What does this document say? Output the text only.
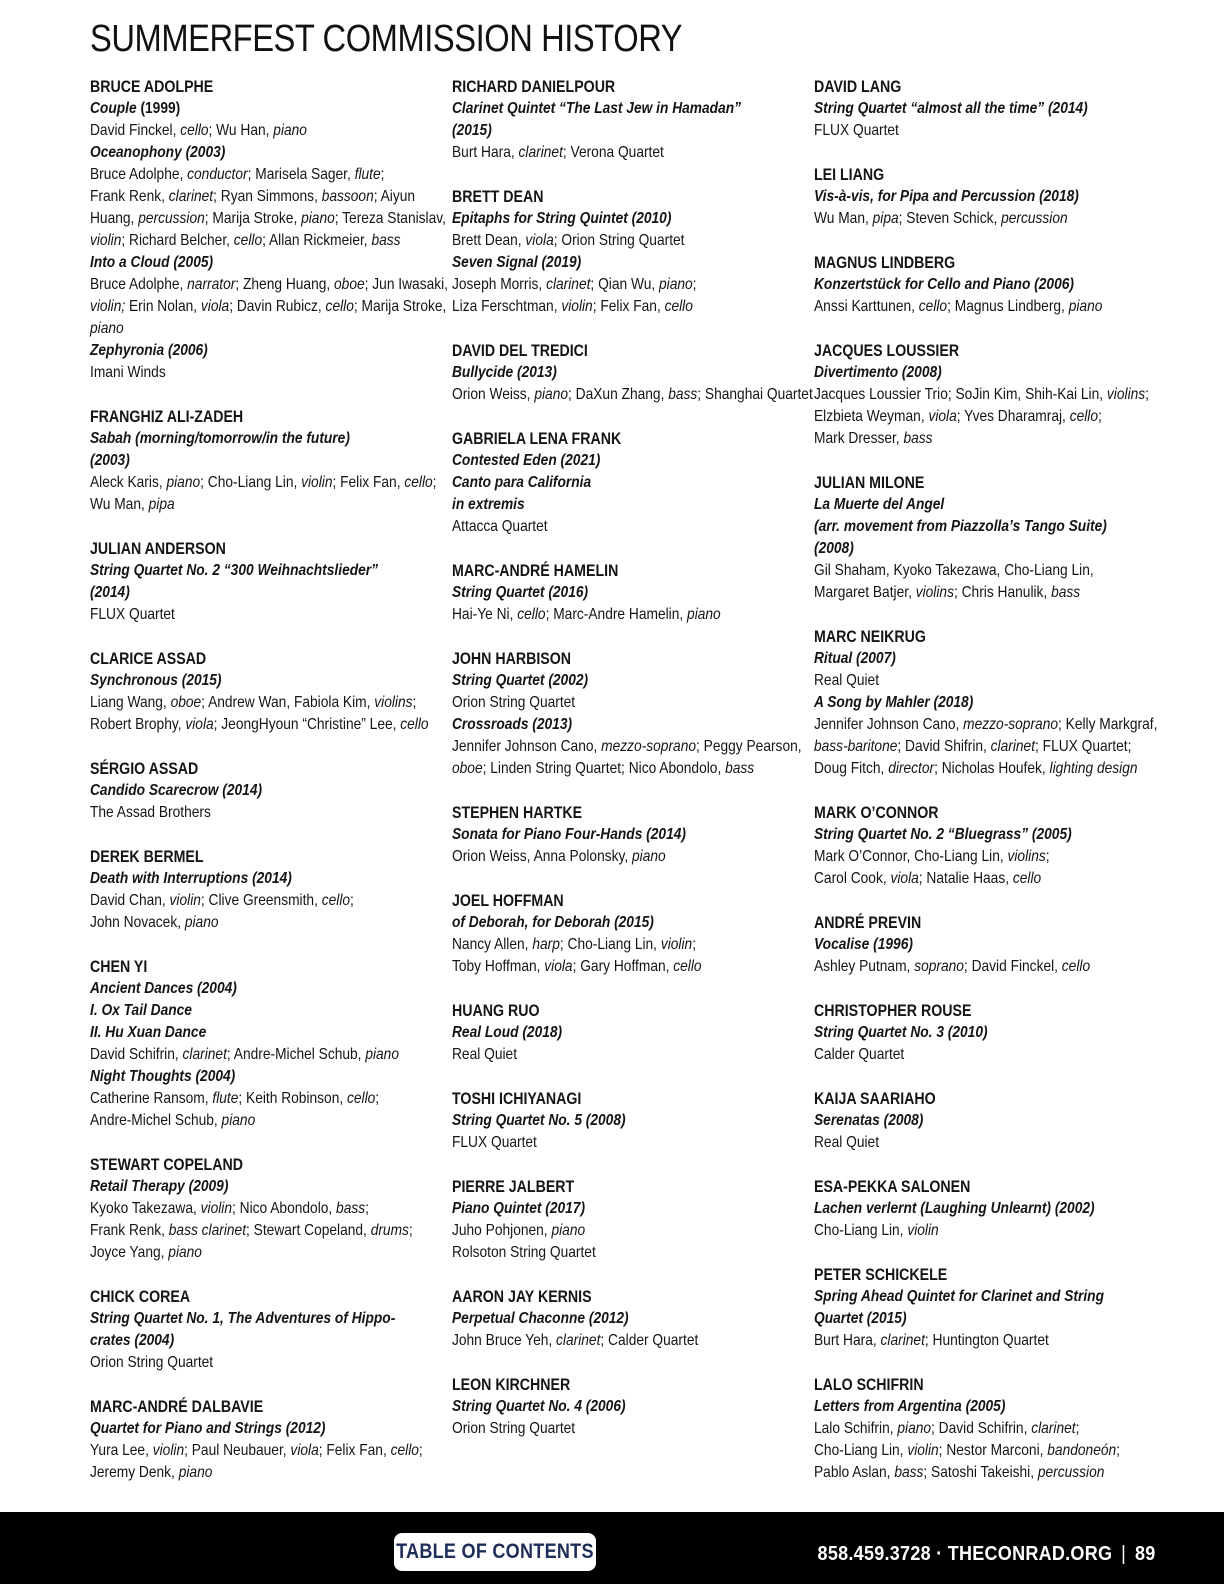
SUMMERFEST COMMISSION HISTORY
BRUCE ADOLPHE
Couple (1999)
David Finckel, cello; Wu Han, piano
Oceanophony (2003)
Bruce Adolphe, conductor; Marisela Sager, flute;
Frank Renk, clarinet; Ryan Simmons, bassoon; Aiyun
Huang, percussion; Marija Stroke, piano; Tereza Stanislav,
violin; Richard Belcher, cello; Allan Rickmeier, bass
Into a Cloud (2005)
Bruce Adolphe, narrator; Zheng Huang, oboe; Jun Iwasaki,
violin; Erin Nolan, viola; Davin Rubicz, cello; Marija Stroke,
piano
Zephyronia (2006)
Imani Winds
FRANGHIZ ALI-ZADEH
Sabah (morning/tomorrow/in the future)
(2003)
Aleck Karis, piano; Cho-Liang Lin, violin; Felix Fan, cello;
Wu Man, pipa
JULIAN ANDERSON
String Quartet No. 2 “300 Weihnachtslieder”
(2014)
FLUX Quartet
CLARICE ASSAD
Synchronous (2015)
Liang Wang, oboe; Andrew Wan, Fabiola Kim, violins;
Robert Brophy, viola; JeongHyoun “Christine” Lee, cello
SÉRGIO ASSAD
Candido Scarecrow (2014)
The Assad Brothers
DEREK BERMEL
Death with Interruptions (2014)
David Chan, violin; Clive Greensmith, cello;
John Novacek, piano
CHEN YI
Ancient Dances (2004)
I. Ox Tail Dance
II. Hu Xuan Dance
David Schifrin, clarinet; Andre-Michel Schub, piano
Night Thoughts (2004)
Catherine Ransom, flute; Keith Robinson, cello;
Andre-Michel Schub, piano
STEWART COPELAND
Retail Therapy (2009)
Kyoko Takezawa, violin; Nico Abondolo, bass;
Frank Renk, bass clarinet; Stewart Copeland, drums;
Joyce Yang, piano
CHICK COREA
String Quartet No. 1, The Adventures of Hippo-
crates (2004)
Orion String Quartet
MARC-ANDRÉ DALBAVIE
Quartet for Piano and Strings (2012)
Yura Lee, violin; Paul Neubauer, viola; Felix Fan, cello;
Jeremy Denk, piano
RICHARD DANIELPOUR
Clarinet Quintet “The Last Jew in Hamadan”
(2015)
Burt Hara, clarinet; Verona Quartet
BRETT DEAN
Epitaphs for String Quintet (2010)
Brett Dean, viola; Orion String Quartet
Seven Signal (2019)
Joseph Morris, clarinet; Qian Wu, piano;
Liza Ferschtman, violin; Felix Fan, cello
DAVID DEL TREDICI
Bullycide (2013)
Orion Weiss, piano; DaXun Zhang, bass; Shanghai Quartet
GABRIELA LENA FRANK
Contested Eden (2021)
Canto para California
in extremis
Attacca Quartet
MARC-ANDRÉ HAMELIN
String Quartet (2016)
Hai-Ye Ni, cello; Marc-Andre Hamelin, piano
JOHN HARBISON
String Quartet (2002)
Orion String Quartet
Crossroads (2013)
Jennifer Johnson Cano, mezzo-soprano; Peggy Pearson,
oboe; Linden String Quartet; Nico Abondolo, bass
STEPHEN HARTKE
Sonata for Piano Four-Hands (2014)
Orion Weiss, Anna Polonsky, piano
JOEL HOFFMAN
of Deborah, for Deborah (2015)
Nancy Allen, harp; Cho-Liang Lin, violin;
Toby Hoffman, viola; Gary Hoffman, cello
HUANG RUO
Real Loud (2018)
Real Quiet
TOSHI ICHIYANAGI
String Quartet No. 5 (2008)
FLUX Quartet
PIERRE JALBERT
Piano Quintet (2017)
Juho Pohjonen, piano
Rolsoton String Quartet
AARON JAY KERNIS
Perpetual Chaconne (2012)
John Bruce Yeh, clarinet; Calder Quartet
LEON KIRCHNER
String Quartet No. 4 (2006)
Orion String Quartet
DAVID LANG
String Quartet “almost all the time” (2014)
FLUX Quartet
LEI LIANG
Vis-à-vis, for Pipa and Percussion (2018)
Wu Man, pipa; Steven Schick, percussion
MAGNUS LINDBERG
Konzertstück for Cello and Piano (2006)
Anssi Karttunen, cello; Magnus Lindberg, piano
JACQUES LOUSSIER
Divertimento (2008)
Jacques Loussier Trio; SoJin Kim, Shih-Kai Lin, violins;
Elzbieta Weyman, viola; Yves Dharamraj, cello;
Mark Dresser, bass
JULIAN MILONE
La Muerte del Angel
(arr. movement from Piazzolla’s Tango Suite)
(2008)
Gil Shaham, Kyoko Takezawa, Cho-Liang Lin,
Margaret Batjer, violins; Chris Hanulik, bass
MARC NEIKRUG
Ritual (2007)
Real Quiet
A Song by Mahler (2018)
Jennifer Johnson Cano, mezzo-soprano; Kelly Markgraf,
bass-baritone; David Shifrin, clarinet; FLUX Quartet;
Doug Fitch, director; Nicholas Houfek, lighting design
MARK O’CONNOR
String Quartet No. 2 “Bluegrass” (2005)
Mark O’Connor, Cho-Liang Lin, violins;
Carol Cook, viola; Natalie Haas, cello
ANDRÉ PREVIN
Vocalise (1996)
Ashley Putnam, soprano; David Finckel, cello
CHRISTOPHER ROUSE
String Quartet No. 3 (2010)
Calder Quartet
KAIJA SAARIAHO
Serenatas (2008)
Real Quiet
ESA-PEKKA SALONEN
Lachen verlernt (Laughing Unlearnt) (2002)
Cho-Liang Lin, violin
PETER SCHICKELE
Spring Ahead Quintet for Clarinet and String
Quartet (2015)
Burt Hara, clarinet; Huntington Quartet
LALO SCHIFRIN
Letters from Argentina (2005)
Lalo Schifrin, piano; David Schifrin, clarinet;
Cho-Liang Lin, violin; Nestor Marconi, bandoneón;
Pablo Aslan, bass; Satoshi Takeishi, percussion
TABLE OF CONTENTS	858.459.3728 · THECONRAD.ORG | 89
